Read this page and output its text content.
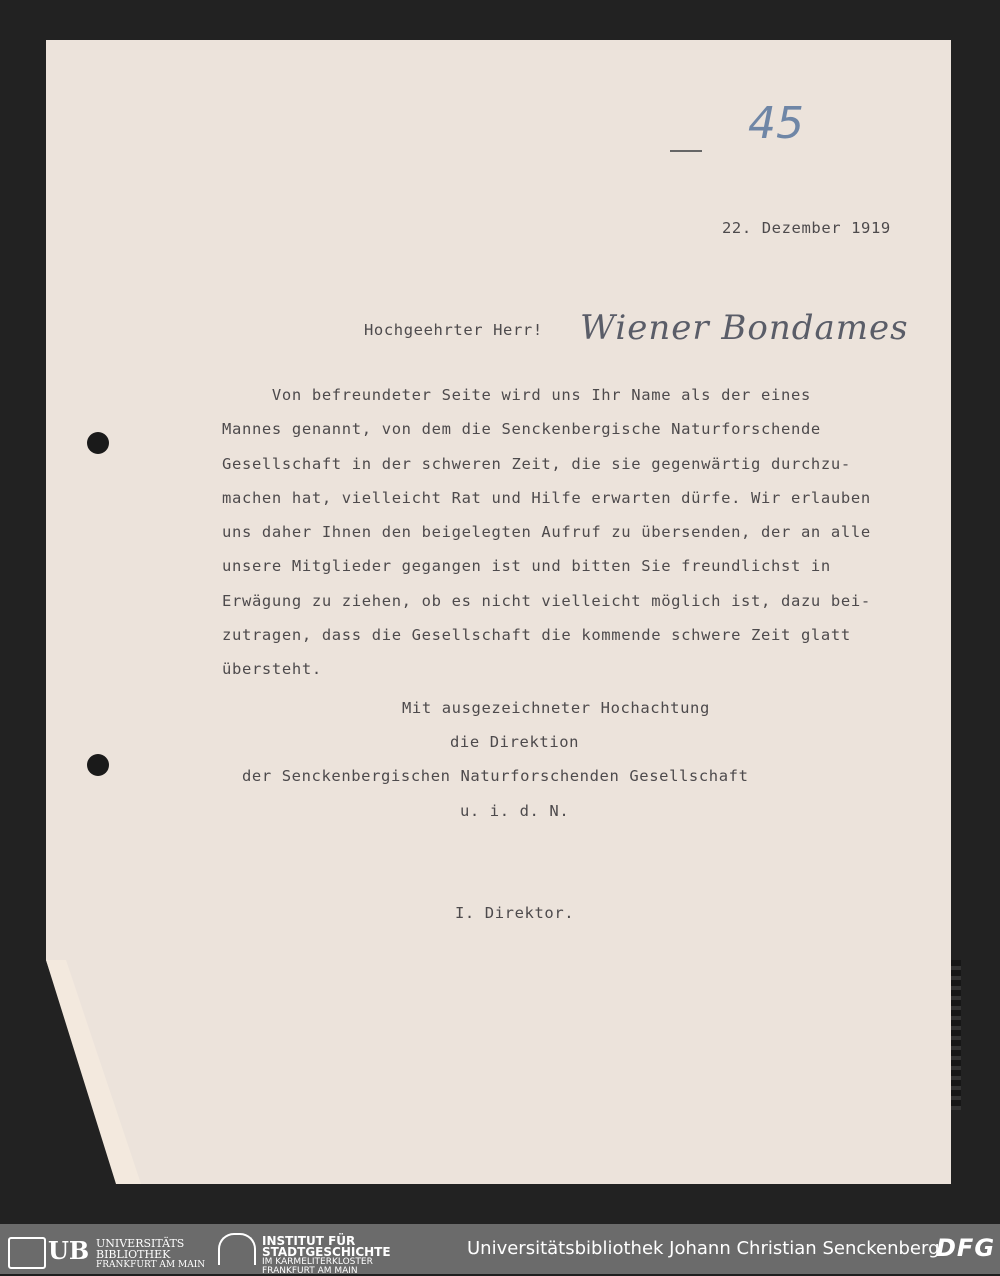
45
22. Dezember 1919
Hochgeehrter Herr! Wiener Bondames
Von befreundeter Seite wird uns Ihr Name als der eines
Mannes genannt, von dem die Senckenbergische Naturforschende
Gesellschaft in der schweren Zeit, die sie gegenwärtig durchzu-
machen hat, vielleicht Rat und Hilfe erwarten dürfe. Wir erlauben
uns daher Ihnen den beigelegten Aufruf zu übersenden, der an alle
unsere Mitglieder gegangen ist und bitten Sie freundlichst in
Erwägung zu ziehen, ob es nicht vielleicht möglich ist, dazu bei-
zutragen, dass die Gesellschaft die kommende schwere Zeit glatt
übersteht.
Mit ausgezeichneter Hochachtung
die Direktion
der Senckenbergischen Naturforschenden Gesellschaft
u. i. d. N.
I. Direktor.
UB UNIVERSITÄTS
BIBLIOTHEK
FRANKFURT AM MAIN
INSTITUT FÜR
STADTGESCHICHTE
IM KARMELITERKLOSTER
FRANKFURT AM MAIN
Universitätsbibliothek Johann Christian Senckenberg
DFG
